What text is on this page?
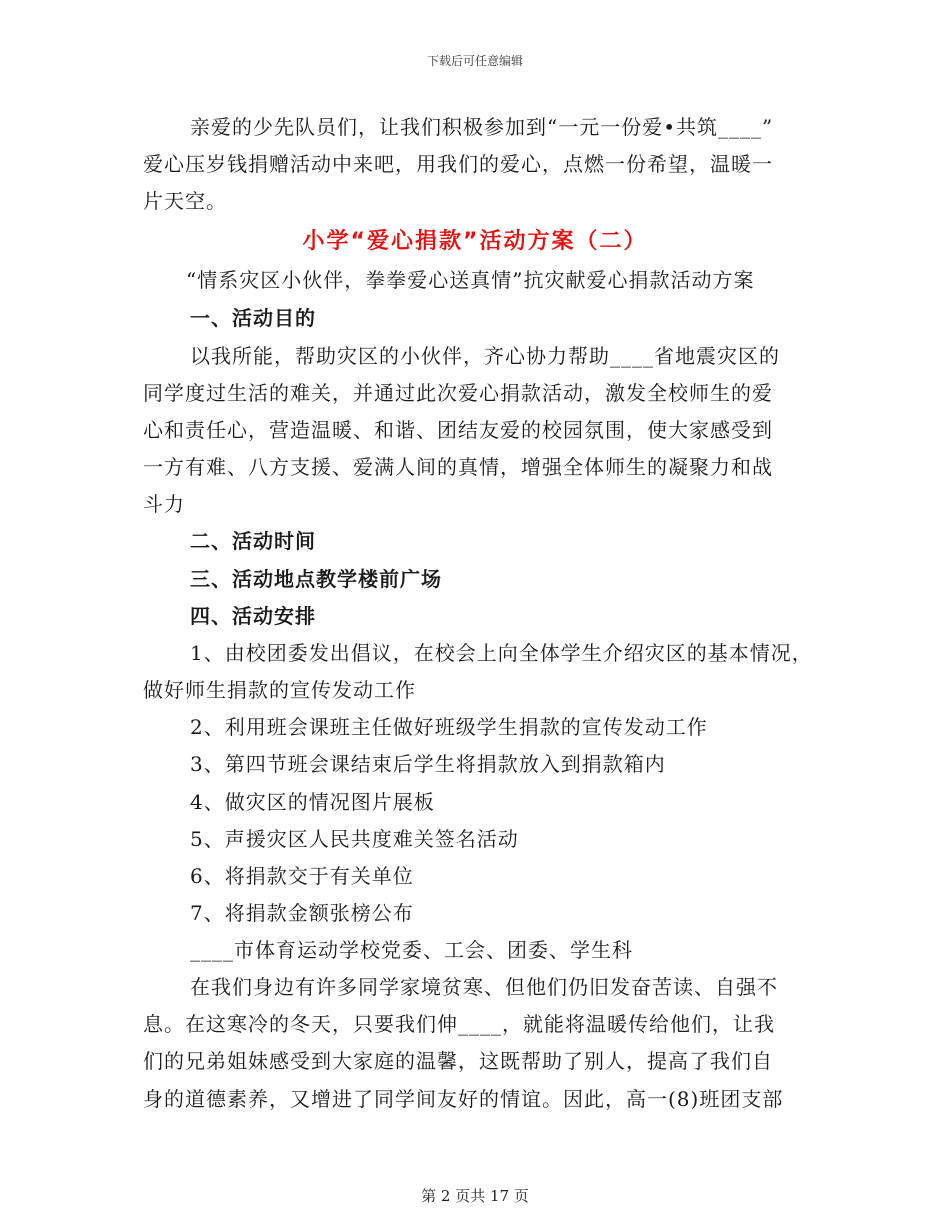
下载后可任意编辑
亲爱的少先队员们，让我们积极参加到“一元一份爱•共筑____”
爱心压岁钱捐赠活动中来吧，用我们的爱心，点燃一份希望，温暖一
片天空。
小学“爱心捐款”活动方案（二）
“情系灾区小伙伴，拳拳爱心送真情”抗灾献爱心捐款活动方案
一、活动目的
以我所能，帮助灾区的小伙伴，齐心协力帮助____省地震灾区的
同学度过生活的难关，并通过此次爱心捐款活动，激发全校师生的爱
心和责任心，营造温暖、和谐、团结友爱的校园氛围，使大家感受到
一方有难、八方支援、爱满人间的真情，增强全体师生的凝聚力和战
斗力
二、活动时间
三、活动地点教学楼前广场
四、活动安排
1、由校团委发出倡议，在校会上向全体学生介绍灾区的基本情况，
做好师生捐款的宣传发动工作
2、利用班会课班主任做好班级学生捐款的宣传发动工作
3、第四节班会课结束后学生将捐款放入到捐款箱内
4、做灾区的情况图片展板
5、声援灾区人民共度难关签名活动
6、将捐款交于有关单位
7、将捐款金额张榜公布
____市体育运动学校党委、工会、团委、学生科
在我们身边有许多同学家境贫寒、但他们仍旧发奋苦读、自强不
息。在这寒冷的冬天，只要我们伸____，就能将温暖传给他们，让我
们的兄弟姐妹感受到大家庭的温馨，这既帮助了别人，提高了我们自
身的道德素养，又增进了同学间友好的情谊。因此，高一(8)班团支部
第 2 页共 17 页
